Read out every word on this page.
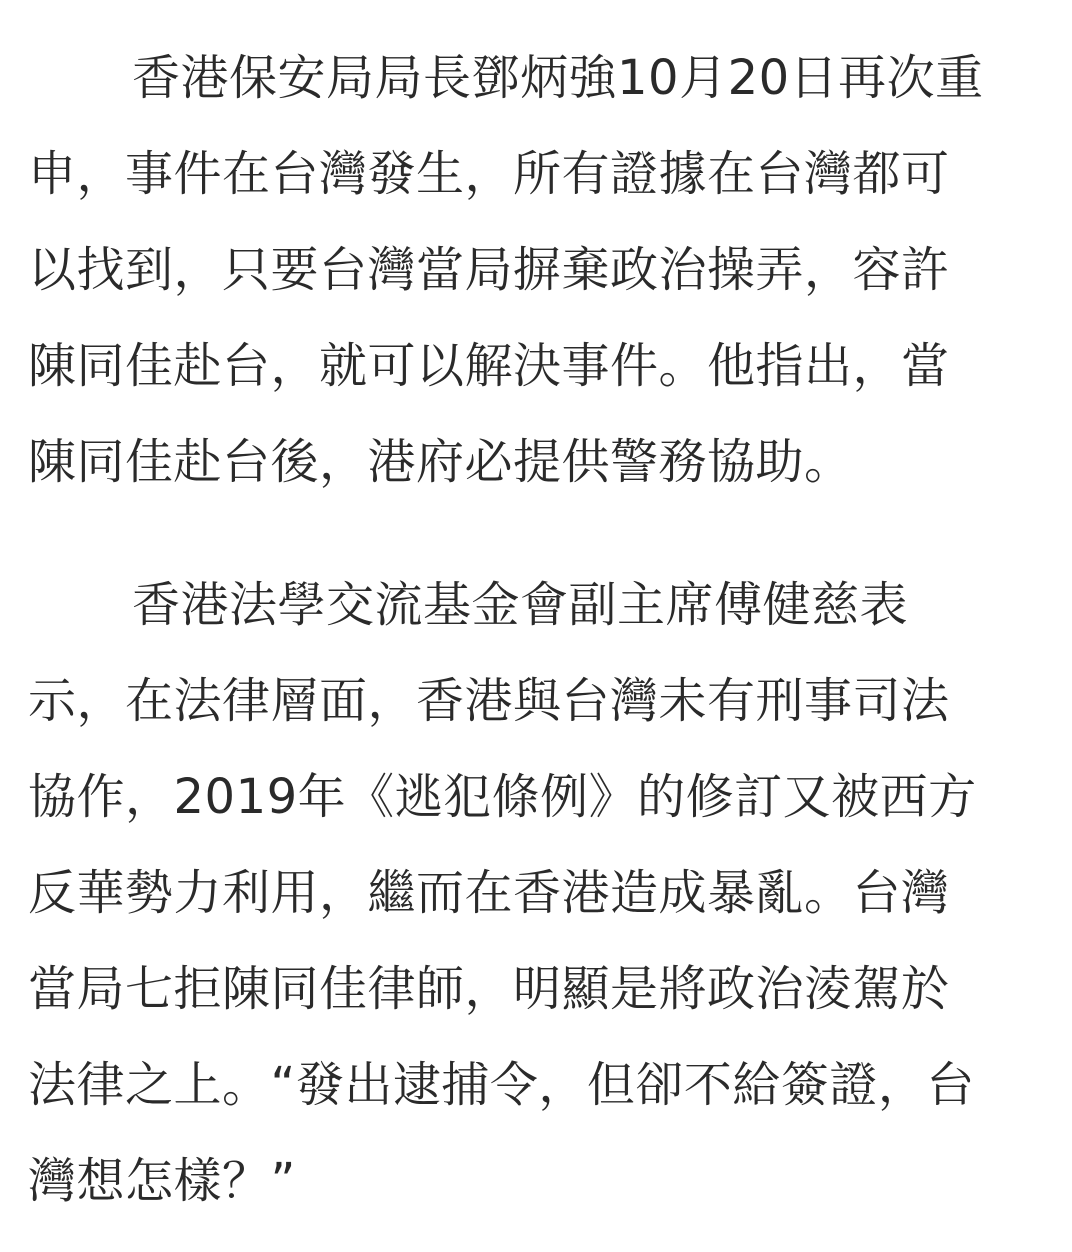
香港保安局局長鄧炳強10月20日再次重
申，事件在台灣發生，所有證據在台灣都可
以找到，只要台灣當局摒棄政治操弄，容許
陳同佳赴台，就可以解決事件。他指出，當
陳同佳赴台後，港府必提供警務協助。
香港法學交流基金會副主席傅健慈表
示，在法律層面，香港與台灣未有刑事司法
協作，2019年《逃犯條例》的修訂又被西方
反華勢力利用，繼而在香港造成暴亂。台灣
當局七拒陳同佳律師，明顯是將政治淩駕於
法律之上。“發出逮捕令，但卻不給簽證，台
灣想怎樣？”
